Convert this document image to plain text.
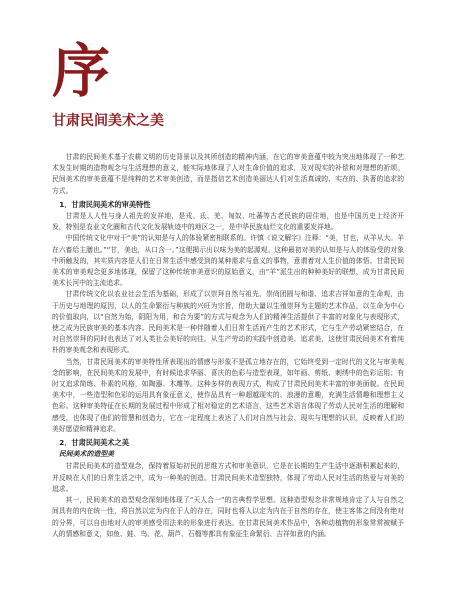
序
甘肃民间美术之美

甘肃的民间美术基于农耕文明的历史背景以及其所创造的精神内涵，在它的审美意蕴中较为突出地体现了一种艺术发生时期的造物观念与生活理想的意义，能实际地体现了人对生命价值的追求，及对现实的补偿和对理想的祈颂。民间美术的审美意蕴不是纯粹的艺术审美创造，而是指信艺术创造美丽达人们对生活真诚的、实在的、执著的追求的方式。

1．甘肃民间美术的审美特性

甘肃是人人性与身人祖先的发祥地，是戎、氐、羌、匈奴、吐蕃等古老民族的居住地，也是中国历史上经济开发，特别是农业文化圈和古代文化发展轨迹中的地区之一，是中华民族灿烂文化的重要发祥地。

中国传统文化中对于“美”的认知是与人的体验紧密相联系的。许慎《说文解字》注释：“美，甘也，从羊从大。羊在六畜给主膳也。”“甘，美也，从口含一。”这便揭示出以味为美的起源观。这种最初对美的认知是与人的体验受的对象中所触发的，其实质内容是人们在日常生活中感受到的某种需求与意义的事物，意谓着对人生价值的体悟。甘肃民间美术的审美观念更多地体现，保留了这种传统审美意识的原始意义，由“羊”派生出的种种美好的联想，成为甘肃民间美术长河中的主流追求。

甘肃传统文化以农业社会生活为基础，形成了以崇拜自然与祖先、崇尚团圆与和谐、追求吉祥如意的生命观，由于历史与地理的原因，以人的生命繁衍与种族的兴旺为宗旨，借助大量以生殖崇拜为主题的艺术作品，以生命为中心的价值取向，以“自然为始，阴阳为用，和合为要”的方式与观念为人们的精神生活提供了丰富的对象化与表现形式，使之成为民族审美的基本内容。民间美术是一种伴随着人们日常生活而产生的艺术形式，它与生产劳动紧密结合，在对自然崇拜的同时也表达了对人类社会美好的向往。从生产劳动的实践中创造美、追求美，这使甘肃民间美术有着纯朴的审美观念和表现形式。

当然，甘肃民间美术的审美特性所表现出的情感与形象不是孤立地存在的，它始终受到一定时代的文化与审美观念的影响，在民间美术的发展中，有时候追求华丽、喜庆的色彩与造型表现，如年画、剪纸、刺绣中的色彩运用；有时又追求简练、朴素的风格，如陶器、木雕等。这种多样的表现方式，构成了甘肃民间美术丰富的审美面貌。在民间美术中，一些造型和色彩的运用具有象征意义，使作品具有一种超越现实的、浪漫的意趣，充满生活情趣和理想主义色彩。这种审美特征在长期的发展过程中形成了相对稳定的艺术语言，这些艺术语言体现了劳动人民对生活的理解和感受，也体现了他们的智慧和创造力，它在一定程度上表达了人们对自然与社会、现实与理想的认识，反映着人们的美好愿望和精神追求。

2．甘肃民间美术之美

民间美术的造型美

甘肃民间美术的造型观念，保持着原始初民的思维方式和审美意识，它是在长期的生产生活中逐渐积累起来的，并反映在人们的日常生活之中，成为一种美的创造。甘肃民间美术造型独特，体现了劳动人民对生活的热爱与对美的追求。

其一，民间美术的造型观念深刻地体现了“天人合一”的古典哲学思想。这种造型观念非常规地肯定了人与自然之间具有的内在统一性，将自然以定为内在于人的存在，同时也将人以定为内在于自然的存在，使主客体之间没有绝对的分界，可以自由地对人的审美感受用法来的形象进行表达。在甘肃民间美术作品中，各种动植物的形象常常被赋予人的情感和意义，如鱼、蛙、鸟、花、葫芦、石榴等都具有象征生命繁衍、吉祥如意的内涵。
